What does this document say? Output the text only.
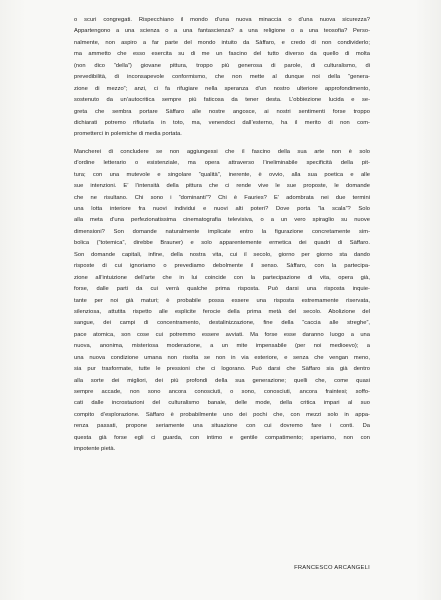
o scuri congregati. Rispecchiano il mondo d’una nuova minaccia o d’una nuova sicurezza?
Appartengono a una scienza o a una fantascienza? a una religione o a una teosofia? Perso-
nalmente, non aspiro a far parte del mondo intuito da Sàffaro, e credo di non condividerlo;
ma ammetto che esso esercita su di me un fascino del tutto diverso da quello di molta
(non dico “della”) giovane pittura, troppo più generosa di parole, di culturalismo, di
prevedibilità, di inconsapevole conformismo, che non mette al dunque noi della “genera-
zione di mezzo”; anzi, ci fa rifugiare nella speranza d’un nostro ulteriore approfondimento,
sostenuto da un’autocritica sempre più faticosa da tener desta. L’obbiezione lucida e se-
greta che sembra portare Sàffaro alle nostre angosce, ai nostri sentimenti forse troppo
dichiarati potremo rifiutarla in toto, ma, venendoci dall’esterno, ha il merito di non com-
prometterci in polemiche di media portata.

Mancherei di concludere se non aggiungessi che il fascino della sua arte non è solo
d’ordine letterario o esistenziale, ma opera attraverso l’ineliminabile specificità della pit-
tura; con una mutevole e singolare “qualità”, inerente, è ovvio, alla sua poetica e alle
sue intenzioni. E’ l’intensità della pittura che ci rende vive le sue proposte, le domande
che ne risultano. Chi sono i “dominanti”? Chi è Fauries? E’ adombrata nei due termini
una lotta interiore fra nuovi individui e nuovi alti poteri? Dove porta “la scala”? Solo
alla meta d’una perfezionatissima cinematografia televisiva, o a un vero spiraglio su nuove
dimensioni? Son domande naturalmente implicate entro la figurazione concretamente sim-
bolica (“totemica”, direbbe Brauner) e solo apparentemente ermetica dei quadri di Sàffaro.
Son domande capitali, infine, della nostra vita, cui il secolo, giorno per giorno sta dando
risposte di cui ignoriamo o prevediamo debolmente il senso. Sàffaro, con la partecipa-
zione all’intuizione dell’arte che in lui coincide con la partecipazione di vita, opera già,
forse, dalle parti da cui verrà qualche prima risposta. Può darsi una risposta inquie-
tante per noi già maturi; è probabile possa essere una risposta estremamente riservata,
silenziosa, attutita rispetto alle esplicite ferocie della prima metà del secolo. Abolizione del
sangue, dei campi di concentramento, destalinizzazione, fine della “caccia alle streghe”,
pace atomica, son cose cui potremmo essere avviati. Ma forse esse daranno luogo a una
nuova, anonima, misteriosa moderazione, a un mite impensabile (per noi medioevo); a
una nuova condizione umana non risolta se non in via esteriore, e senza che vengan meno,
sia pur trasformate, tutte le pressioni che ci logorano. Può darsi che Sàffaro sia già dentro
alla sorte dei migliori, dei più profondi della sua generazione; quelli che, come quasi
sempre accade, non sono ancora conosciuti, o sono, conosciuti, ancora fraintesi; soffo-
cati dalle incrostazioni del culturalismo banale, delle mode, della critica impari al suo
compito d’esplorazione. Sàffaro è probabilmente uno dei pochi che, con mezzi solo in appa-
renza passati, propone seriamente una situazione con cui dovremo fare i conti. Da
questa già forse egli ci guarda, con intimo e gentile compatimento; speriamo, non con
impotente pietà.

FRANCESCO ARCANGELI
